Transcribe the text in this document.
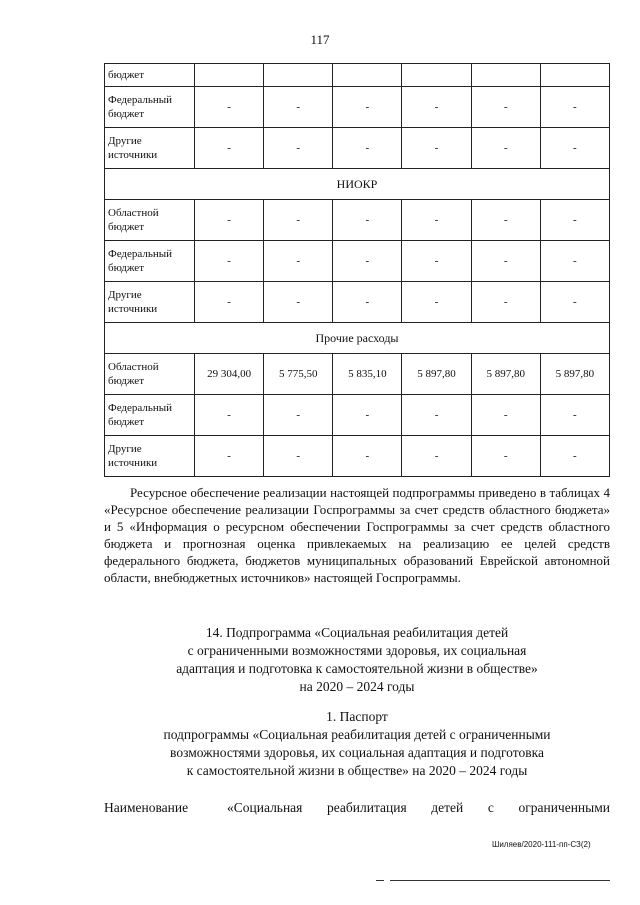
117
бюджет						
Федеральный бюджет	-	-	-	-	-	-
Другие источники	-	-	-	-	-	-
НИОКР						
Областной бюджет	-	-	-	-	-	-
Федеральный бюджет	-	-	-	-	-	-
Другие источники	-	-	-	-	-	-
Прочие расходы						
Областной бюджет	29 304,00	5 775,50	5 835,10	5 897,80	5 897,80	5 897,80
Федеральный бюджет	-	-	-	-	-	-
Другие источники	-	-	-	-	-	-

Ресурсное обеспечение реализации настоящей подпрограммы приведено в таблицах 4 «Ресурсное обеспечение реализации Госпрограммы за счет средств областного бюджета» и 5 «Информация о ресурсном обеспечении Госпрограммы за счет средств областного бюджета и прогнозная оценка привлекаемых на реализацию ее целей средств федерального бюджета, бюджетов муниципальных образований Еврейской автономной области, внебюджетных источников» настоящей Госпрограммы.

14. Подпрограмма «Социальная реабилитация детей
с ограниченными возможностями здоровья, их социальная
адаптация и подготовка к самостоятельной жизни в обществе»
на 2020 – 2024 годы
1. Паспорт
подпрограммы «Социальная реабилитация детей с ограниченными
возможностями здоровья, их социальная адаптация и подготовка
к самостоятельной жизни в обществе» на 2020 – 2024 годы
Наименование	«Социальная реабилитация детей с ограниченными
Шиляев/2020-111-пп-СЗ(2)
